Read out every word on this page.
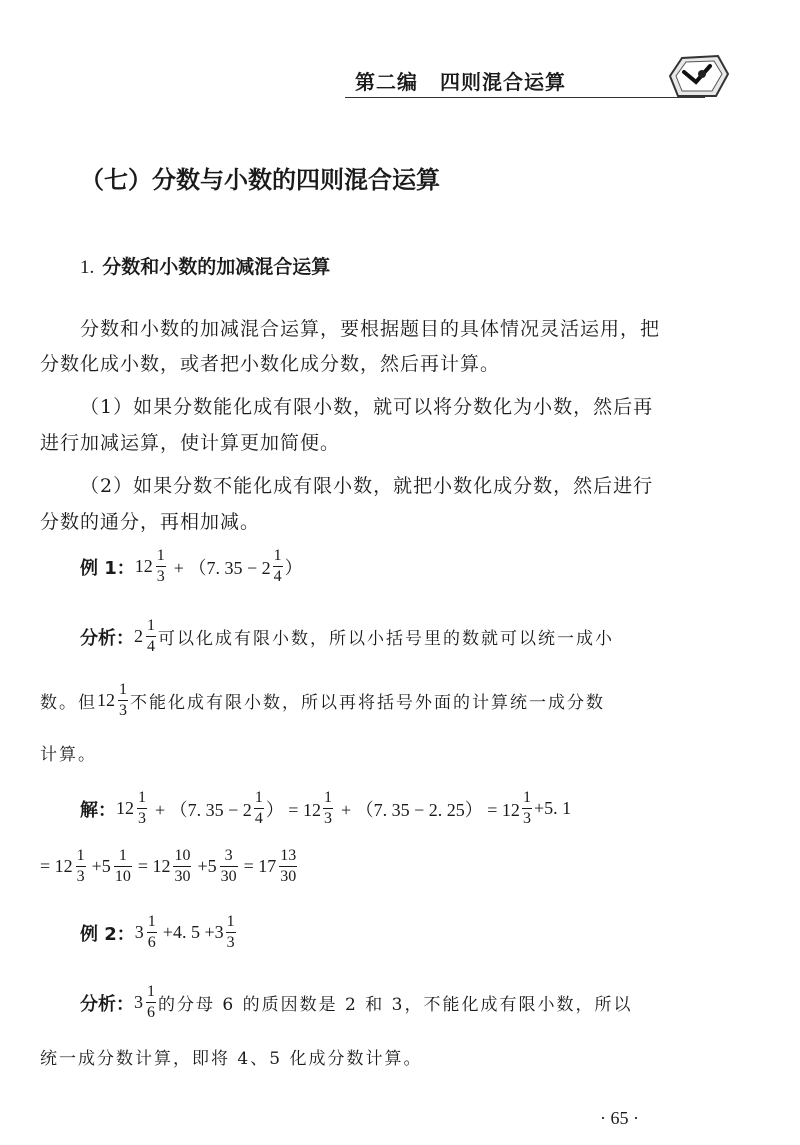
第二编 四则混合运算
（七）分数与小数的四则混合运算
1. 分数和小数的加减混合运算
分数和小数的加减混合运算，要根据题目的具体情况灵活运用，把
分数化成小数，或者把小数化成分数，然后再计算。
（1）如果分数能化成有限小数，就可以将分数化为小数，然后再
进行加减运算，使计算更加简便。
（2）如果分数不能化成有限小数，就把小数化成分数，然后进行
分数的通分，再相加减。
例 1： $12 \frac{1}{3} + (7$. $35 - 2 \frac{1}{4}$ ）
分析： $2 \frac{1}{4}$ 可以化成有限小数，所以小括号里的数就可以统一成小
数。但 $12 \frac{1}{3}$ 不能化成有限小数，所以再将括号外面的计算统一成分数
计算。
解： $12 \frac{1}{3} + (7$. $35 - 2 \frac{1}{4}$ ） = $12 \frac{1}{3} + (7$. 35 − 2. $25) = 12 \frac{1}{3} +5$. 1
= $12 \frac{1}{3} +5 \frac{1}{10} = 12 \frac{10}{30} +5 \frac{3}{30} = 17 \frac{13}{30}$
例 2： $3 \frac{1}{6} +4$. $5 +3 \frac{1}{3}$
分析： $3 \frac{1}{6}$ 的分母 6 的质因数是 2 和 3，不能化成有限小数，所以
统一成分数计算，即将 4、5 化成分数计算。
· 65 ·
